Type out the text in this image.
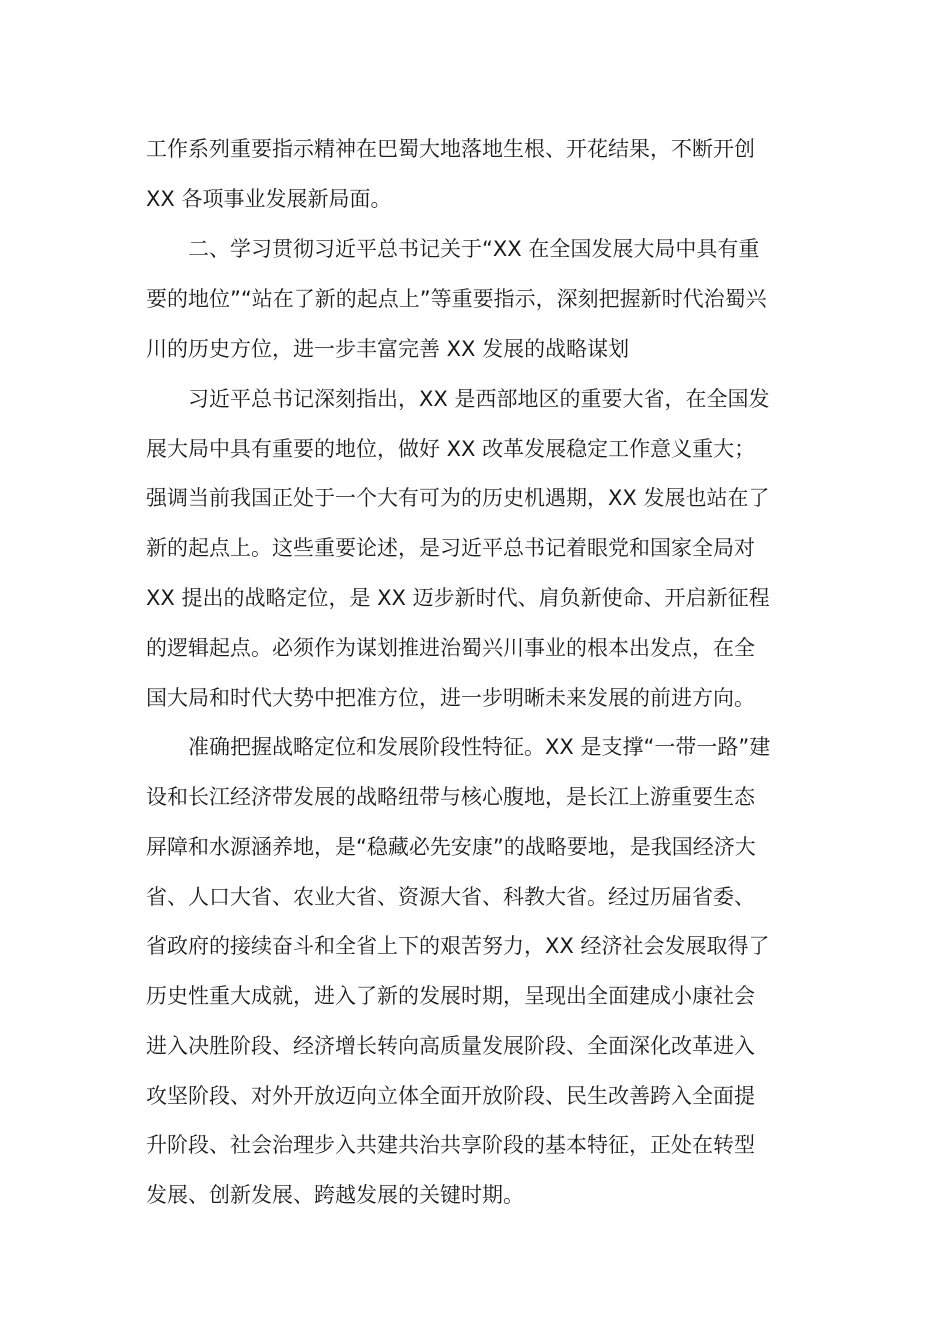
工作系列重要指示精神在巴蜀大地落地生根、开花结果，不断开创

XX 各项事业发展新局面。

二、学习贯彻习近平总书记关于“XX 在全国发展大局中具有重

要的地位”“站在了新的起点上”等重要指示，深刻把握新时代治蜀兴

川的历史方位，进一步丰富完善 XX 发展的战略谋划

习近平总书记深刻指出，XX 是西部地区的重要大省，在全国发

展大局中具有重要的地位，做好 XX 改革发展稳定工作意义重大；

强调当前我国正处于一个大有可为的历史机遇期，XX 发展也站在了

新的起点上。这些重要论述，是习近平总书记着眼党和国家全局对

XX 提出的战略定位，是 XX 迈步新时代、肩负新使命、开启新征程

的逻辑起点。必须作为谋划推进治蜀兴川事业的根本出发点，在全

国大局和时代大势中把准方位，进一步明晰未来发展的前进方向。

准确把握战略定位和发展阶段性特征。XX 是支撑“一带一路”建

设和长江经济带发展的战略纽带与核心腹地，是长江上游重要生态

屏障和水源涵养地，是“稳藏必先安康”的战略要地，是我国经济大

省、人口大省、农业大省、资源大省、科教大省。经过历届省委、

省政府的接续奋斗和全省上下的艰苦努力，XX 经济社会发展取得了

历史性重大成就，进入了新的发展时期，呈现出全面建成小康社会

进入决胜阶段、经济增长转向高质量发展阶段、全面深化改革进入

攻坚阶段、对外开放迈向立体全面开放阶段、民生改善跨入全面提

升阶段、社会治理步入共建共治共享阶段的基本特征，正处在转型

发展、创新发展、跨越发展的关键时期。
